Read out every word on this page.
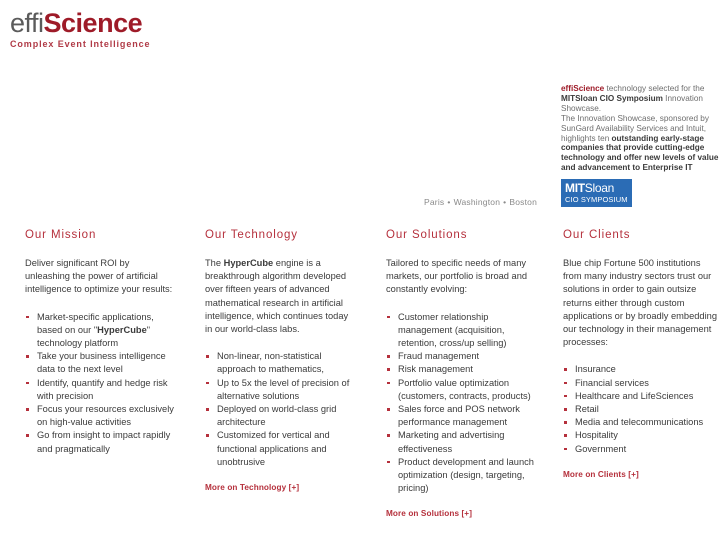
effiScience
Complex Event Intelligence

effiScience technology selected for the MITSloan CIO Symposium Innovation Showcase.

The Innovation Showcase, sponsored by SunGard Availability Services and Intuit, highlights ten outstanding early-stage companies that provide cutting-edge technology and offer new levels of value and advancement to Enterprise IT

MITSloan
CIO SYMPOSIUM
Paris • Washington • Boston
Our Mission

Deliver significant ROI by unleashing the power of artificial intelligence to optimize your results:

Market-specific applications, based on our ʺHyperCubeʺ technology platform
Take your business intelligence data to the next level
Identify, quantify and hedge risk with precision
Focus your resources exclusively on high-value activities
Go from insight to impact rapidly and pragmatically
Our Technology

The HyperCube engine is a breakthrough algorithm developed over fifteen years of advanced mathematical research in artificial intelligence, which continues today in our world-class labs.

Non-linear, non-statistical approach to mathematics,
Up to 5x the level of precision of alternative solutions
Deployed on world-class grid architecture
Customized for vertical and functional applications and unobtrusive
More on Technology [+]
Our Solutions

Tailored to specific needs of many markets, our portfolio is broad and constantly evolving:

Customer relationship management (acquisition, retention, cross/up selling)
Fraud management
Risk management
Portfolio value optimization (customers, contracts, products)
Sales force and POS network performance management
Marketing and advertising effectiveness
Product development and launch optimization (design, targeting, pricing)
More on Solutions [+]
Our Clients

Blue chip Fortune 500 institutions from many industry sectors trust our solutions in order to gain outsize returns either through custom applications or by broadly embedding our technology in their management processes:

Insurance
Financial services
Healthcare and LifeSciences
Retail
Media and telecommunications
Hospitality
Government
More on Clients [+]
